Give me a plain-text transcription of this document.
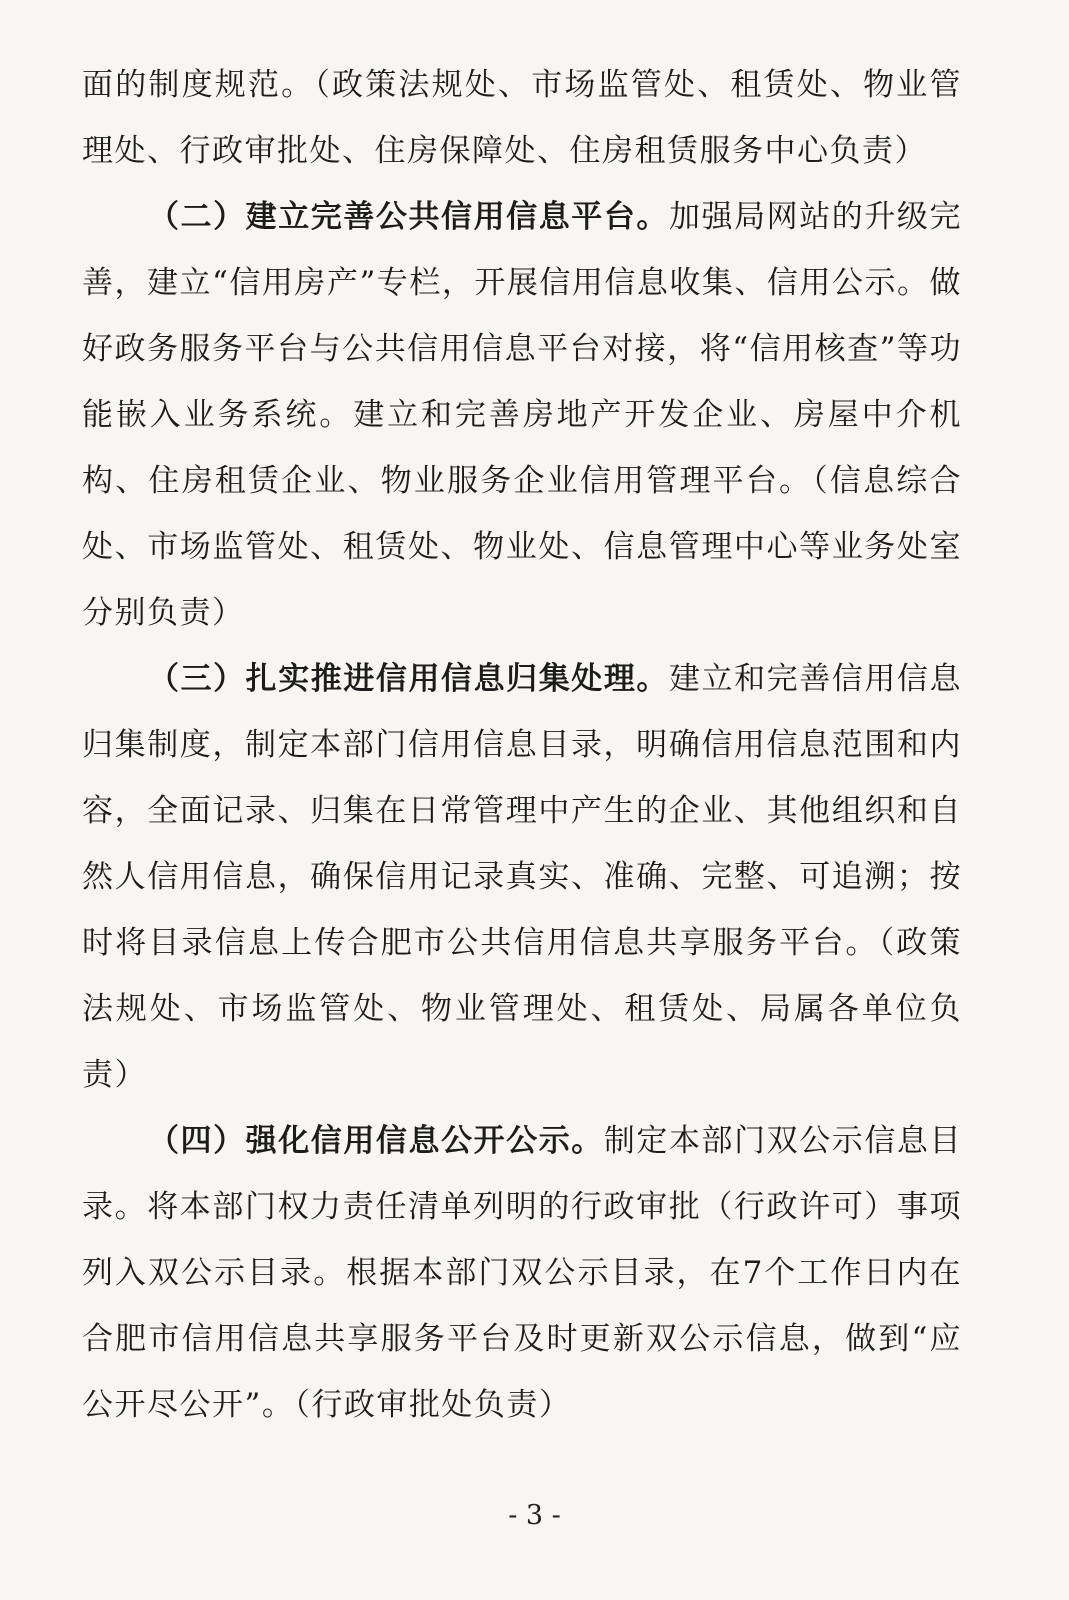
面的制度规范。（政策法规处、市场监管处、租赁处、物业管理处、行政审批处、住房保障处、住房租赁服务中心负责）

（二）建立完善公共信用信息平台。加强局网站的升级完善，建立“信用房产”专栏，开展信用信息收集、信用公示。做好政务服务平台与公共信用信息平台对接，将“信用核查”等功能嵌入业务系统。建立和完善房地产开发企业、房屋中介机构、住房租赁企业、物业服务企业信用管理平台。（信息综合处、市场监管处、租赁处、物业处、信息管理中心等业务处室分别负责）

（三）扎实推进信用信息归集处理。建立和完善信用信息归集制度，制定本部门信用信息目录，明确信用信息范围和内容，全面记录、归集在日常管理中产生的企业、其他组织和自然人信用信息，确保信用记录真实、准确、完整、可追溯；按时将目录信息上传合肥市公共信用信息共享服务平台。（政策法规处、市场监管处、物业管理处、租赁处、局属各单位负责）

（四）强化信用信息公开公示。制定本部门双公示信息目录。将本部门权力责任清单列明的行政审批（行政许可）事项列入双公示目录。根据本部门双公示目录，在7个工作日内在合肥市信用信息共享服务平台及时更新双公示信息，做到“应公开尽公开”。（行政审批处负责）

- 3 -
